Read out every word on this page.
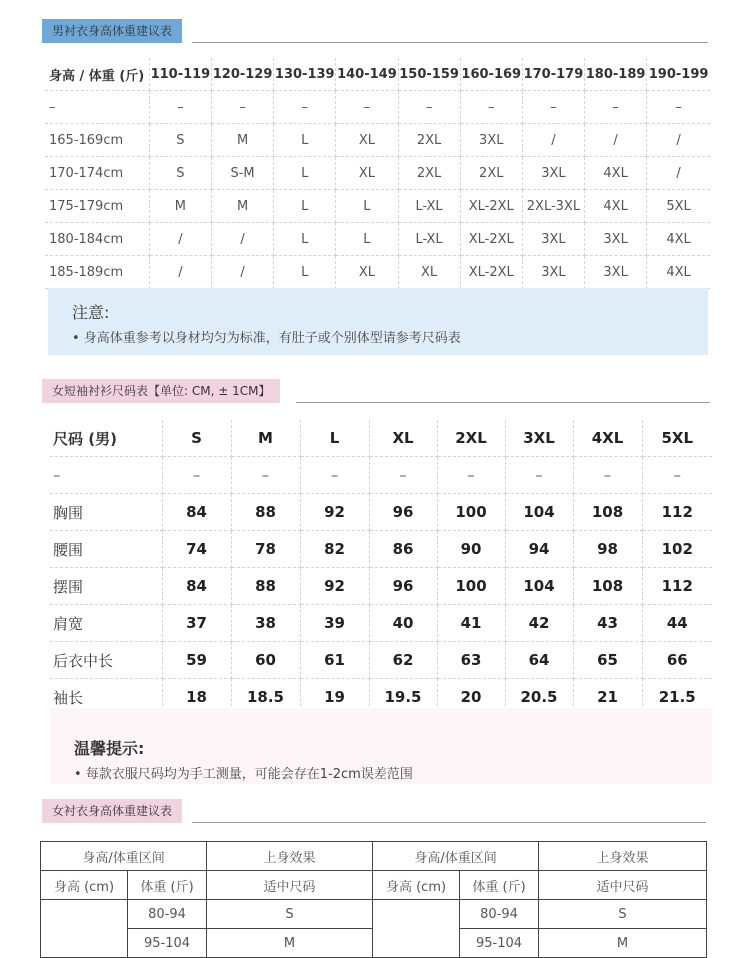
男衬衣身高体重建议表
身高 / 体重 (斤)	110-119	120-129	130-139	140-149	150-159	160-169	170-179	180-189	190-199
–	–	–	–	–	–	–	–	–	–
165-169cm	S	M	L	XL	2XL	3XL	/	/	/
170-174cm	S	S-M	L	XL	2XL	2XL	3XL	4XL	/
175-179cm	M	M	L	L	L-XL	XL-2XL	2XL-3XL	4XL	5XL
180-184cm	/	/	L	L	L-XL	XL-2XL	3XL	3XL	4XL
185-189cm	/	/	L	XL	XL	XL-2XL	3XL	3XL	4XL
注意:
• 身高体重参考以身材均匀为标准，有肚子或个别体型请参考尺码表
女短袖衬衫尺码表【单位: CM, ± 1CM】
尺码 (男)	S	M	L	XL	2XL	3XL	4XL	5XL
–	–	–	–	–	–	–	–	–
胸围	84	88	92	96	100	104	108	112
腰围	74	78	82	86	90	94	98	102
摆围	84	88	92	96	100	104	108	112
肩宽	37	38	39	40	41	42	43	44
后衣中长	59	60	61	62	63	64	65	66
袖长	18	18.5	19	19.5	20	20.5	21	21.5
温馨提示:
• 每款衣服尺码均为手工测量，可能会存在1-2cm误差范围
女衬衣身高体重建议表
身高/体重区间		上身效果	身高/体重区间		上身效果
身高 (cm)	体重 (斤)	适中尺码	身高 (cm)	体重 (斤)	适中尺码
	80-94	S		80-94	S
	95-104	M		95-104	M
